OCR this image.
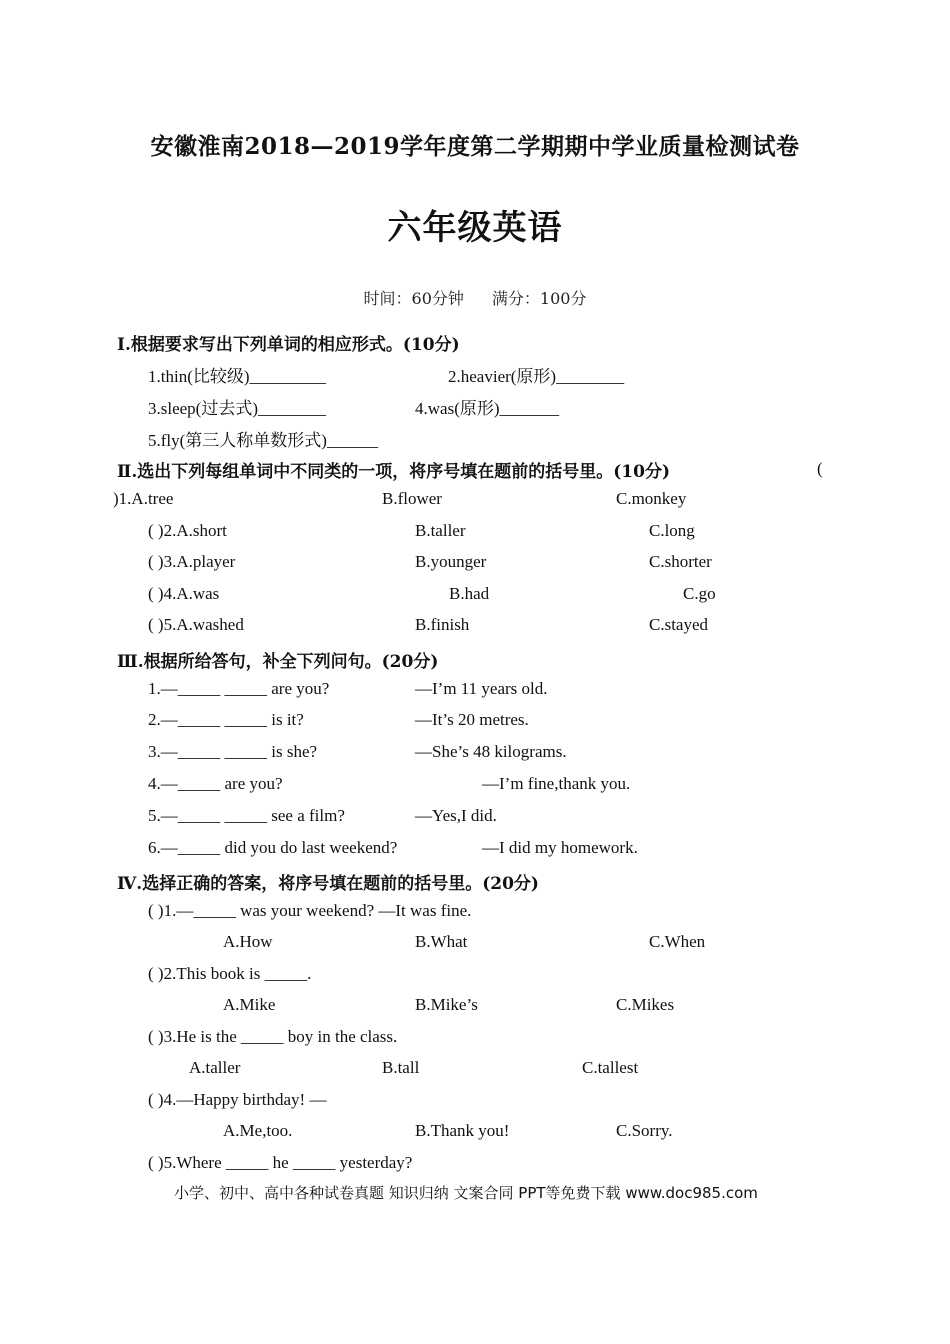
安徽淮南2018—2019学年度第二学期期中学业质量检测试卷
六年级英语
时间：60分钟 满分：100分
Ⅰ.根据要求写出下列单词的相应形式。(10分)
1.thin(比较级)_________	2.heavier(原形)________
3.sleep(过去式)________	4.was(原形)_______
5.fly(第三人称单数形式)______
Ⅱ.选出下列每组单词中不同类的一项，将序号填在题前的括号里。(10分)	(
)1.A.tree	B.flower	C.monkey
( )2.A.short	B.taller	C.long
( )3.A.player	B.younger	C.shorter
( )4.A.was	B.had	C.go
( )5.A.washed	B.finish	C.stayed
Ⅲ.根据所给答句，补全下列问句。(20分)
1.—_____ _____ are you?	—I’m 11 years old.
2.—_____ _____ is it?	—It’s 20 metres.
3.—_____ _____ is she?	—She’s 48 kilograms.
4.—_____ are you?	—I’m fine,thank you.
5.—_____ _____ see a film?	—Yes,I did.
6.—_____ did you do last weekend?	—I did my homework.
Ⅳ.选择正确的答案，将序号填在题前的括号里。(20分)
( )1.—_____ was your weekend? —It was fine.
A.How	B.What	C.When
( )2.This book is _____.
A.Mike	B.Mike’s	C.Mikes
( )3.He is the _____ boy in the class.
A.taller	B.tall	C.tallest
( )4.—Happy birthday! —
A.Me,too.	B.Thank you!	C.Sorry.
( )5.Where _____ he _____ yesterday?
小学、初中、高中各种试卷真题 知识归纳 文案合同 PPT等免费下载 www.doc985.com
